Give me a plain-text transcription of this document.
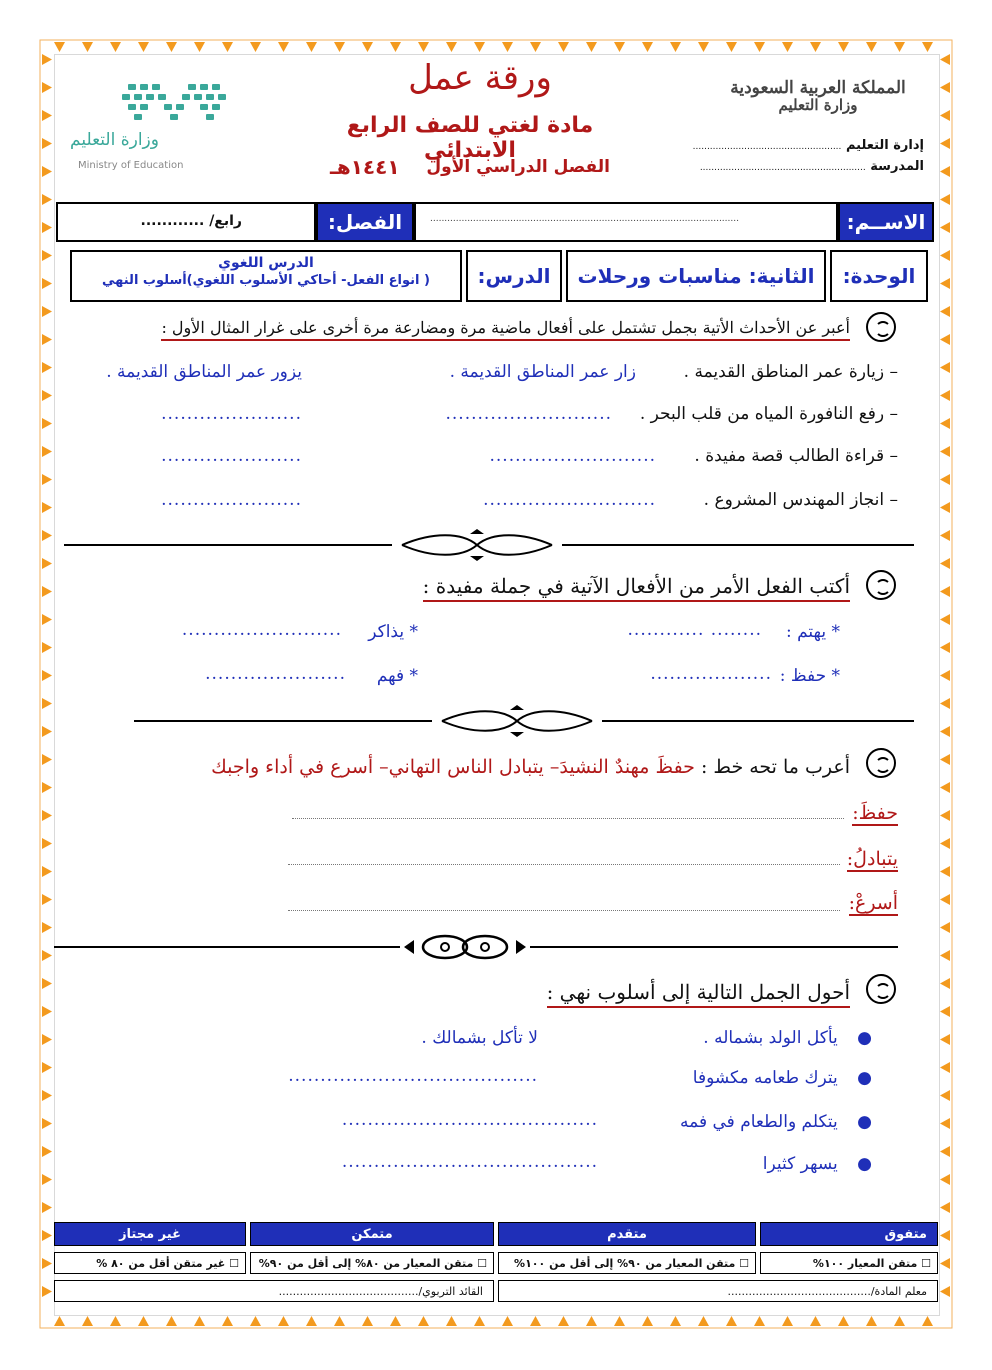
ورقة عمل
مادة لغتي للصف الرابع الابتدائي
الفصل الدراسي الأول
١٤٤١هـ
المملكة العربية السعودية
وزارة التعليم
إدارة التعليم ....................................................
المدرسة ..........................................................
وزارة التعليم
Ministry of Education
الاســم:
............................................................................................................
الفصل:
رابع/ ............
الوحدة:
الثانية: مناسبات ورحلات
الدرس:
الدرس اللغوي
( انواع الفعل- أحاكي الأسلوب اللغوي)أسلوب النهي
أعبر عن الأحداث الأتية بجمل تشتمل على أفعال ماضية مرة ومضارعة مرة أخرى على غرار المثال الأول :
– زيارة عمر المناطق القديمة .
زار عمر المناطق القديمة .
يزور عمر المناطق القديمة .
– رفع النافورة المياه من قلب البحر .
..........................
......................
– قراءة الطالب قصة مفيدة .
..........................
......................
– انجاز المهندس المشروع .
...........................
......................
أكتب الفعل الأمر من الأفعال الآتية في جملة مفيدة :
* يهتم :
........ ............
* يذاكر
.........................
* حفظ :
...................
* فهم
......................
أعرب ما تحه خط : حفظَ مهندٌ النشيدَ– يتبادل الناس التهاني– أسرع في أداء واجبك
حفظَ:
يتبادلُ:
أسرعْ:
أحول الجمل التالية إلى أسلوب نهي :
● يأكل الولد بشماله .
لا تأكل بشمالك .
● يترك طعامه مكشوفا
.......................................
● يتكلم والطعام في فمه
........................................
● يسهر كثيرا
........................................
متفوق
متقدم
متمكن
غير مجتاز
☐ متقن المعيار ١٠٠%
☐ متقن المعيار من ٩٠% إلى أقل من ١٠٠%
☐ متقن المعيار من ٨٠% إلى أقل من ٩٠%
☐ غير متقن أقل من ٨٠ %
معلم المادة/.........................................
القائد التربوي/........................................
